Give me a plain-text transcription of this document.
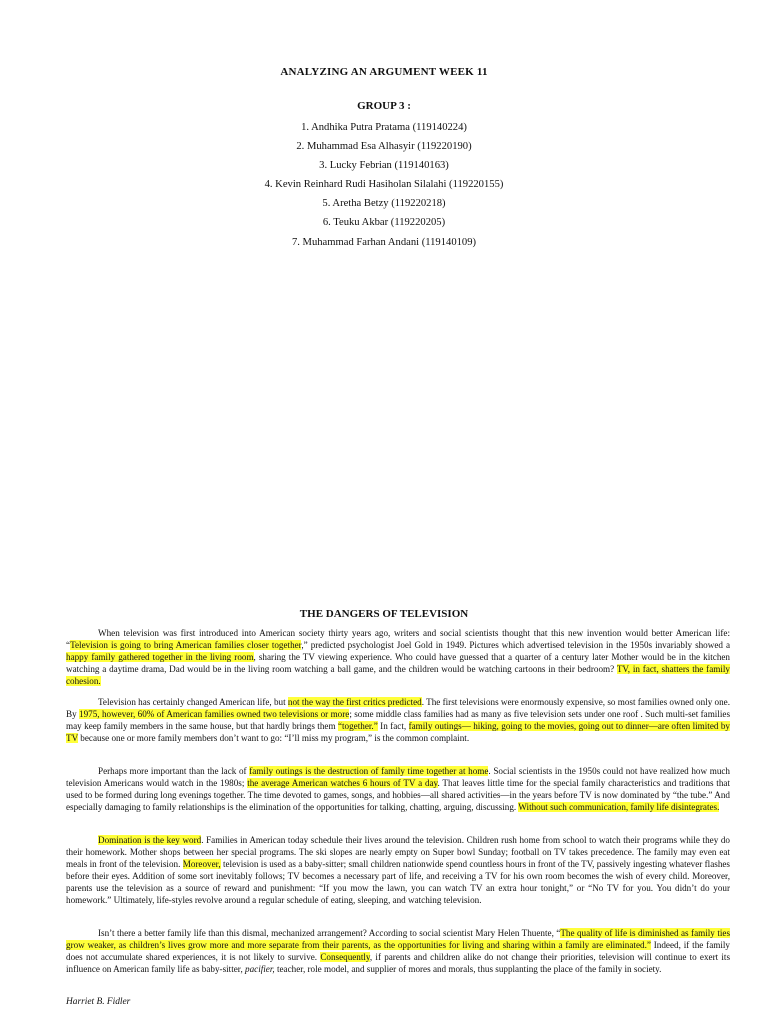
ANALYZING AN ARGUMENT WEEK 11
GROUP 3 :
1. Andhika Putra Pratama (119140224)
2. Muhammad Esa Alhasyir (119220190)
3. Lucky Febrian (119140163)
4. Kevin Reinhard Rudi Hasiholan Silalahi (119220155)
5. Aretha Betzy (119220218)
6. Teuku Akbar (119220205)
7. Muhammad Farhan Andani (119140109)
THE DANGERS OF TELEVISION

When television was first introduced into American society thirty years ago, writers and social scientists thought that this new invention would better American life: “Television is going to bring American families closer together,” predicted psychologist Joel Gold in 1949. Pictures which advertised television in the 1950s invariably showed a happy family gathered together in the living room, sharing the TV viewing experience. Who could have guessed that a quarter of a century later Mother would be in the kitchen watching a daytime drama, Dad would be in the living room watching a ball game, and the children would be watching cartoons in their bedroom? TV, in fact, shatters the family cohesion.

Television has certainly changed American life, but not the way the first critics predicted. The first televisions were enormously expensive, so most families owned only one. By 1975, however, 60% of American families owned two televisions or more; some middle class families had as many as five television sets under one roof . Such multi-set families may keep family members in the same house, but that hardly brings them “together.” In fact, family outings— hiking, going to the movies, going out to dinner—are often limited by TV because one or more family members don’t want to go: “I’ll miss my program,” is the common complaint.

Perhaps more important than the lack of family outings is the destruction of family time together at home. Social scientists in the 1950s could not have realized how much television Americans would watch in the 1980s; the average American watches 6 hours of TV a day. That leaves little time for the special family characteristics and traditions that used to be formed during long evenings together. The time devoted to games, songs, and hobbies—all shared activities—in the years before TV is now dominated by “the tube.” And especially damaging to family relationships is the elimination of the opportunities for talking, chatting, arguing, discussing. Without such communication, family life disintegrates.

Domination is the key word. Families in American today schedule their lives around the television. Children rush home from school to watch their programs while they do their homework. Mother shops between her special programs. The ski slopes are nearly empty on Super bowl Sunday; football on TV takes precedence. The family may even eat meals in front of the television. Moreover, television is used as a baby-sitter; small children nationwide spend countless hours in front of the TV, passively ingesting whatever flashes before their eyes. Addition of some sort inevitably follows; TV becomes a necessary part of life, and receiving a TV for his own room becomes the wish of every child. Moreover, parents use the television as a source of reward and punishment: “If you mow the lawn, you can watch TV an extra hour tonight,” or “No TV for you. You didn’t do your homework.” Ultimately, life-styles revolve around a regular schedule of eating, sleeping, and watching television.

Isn’t there a better family life than this dismal, mechanized arrangement? According to social scientist Mary Helen Thuente, “The quality of life is diminished as family ties grow weaker, as children’s lives grow more and more separate from their parents, as the opportunities for living and sharing within a family are eliminated.” Indeed, if the family does not accumulate shared experiences, it is not likely to survive. Consequently, if parents and children alike do not change their priorities, television will continue to exert its influence on American family life as baby-sitter, pacifier, teacher, role model, and supplier of mores and morals, thus supplanting the place of the family in society.

Harriet B. Fidler
